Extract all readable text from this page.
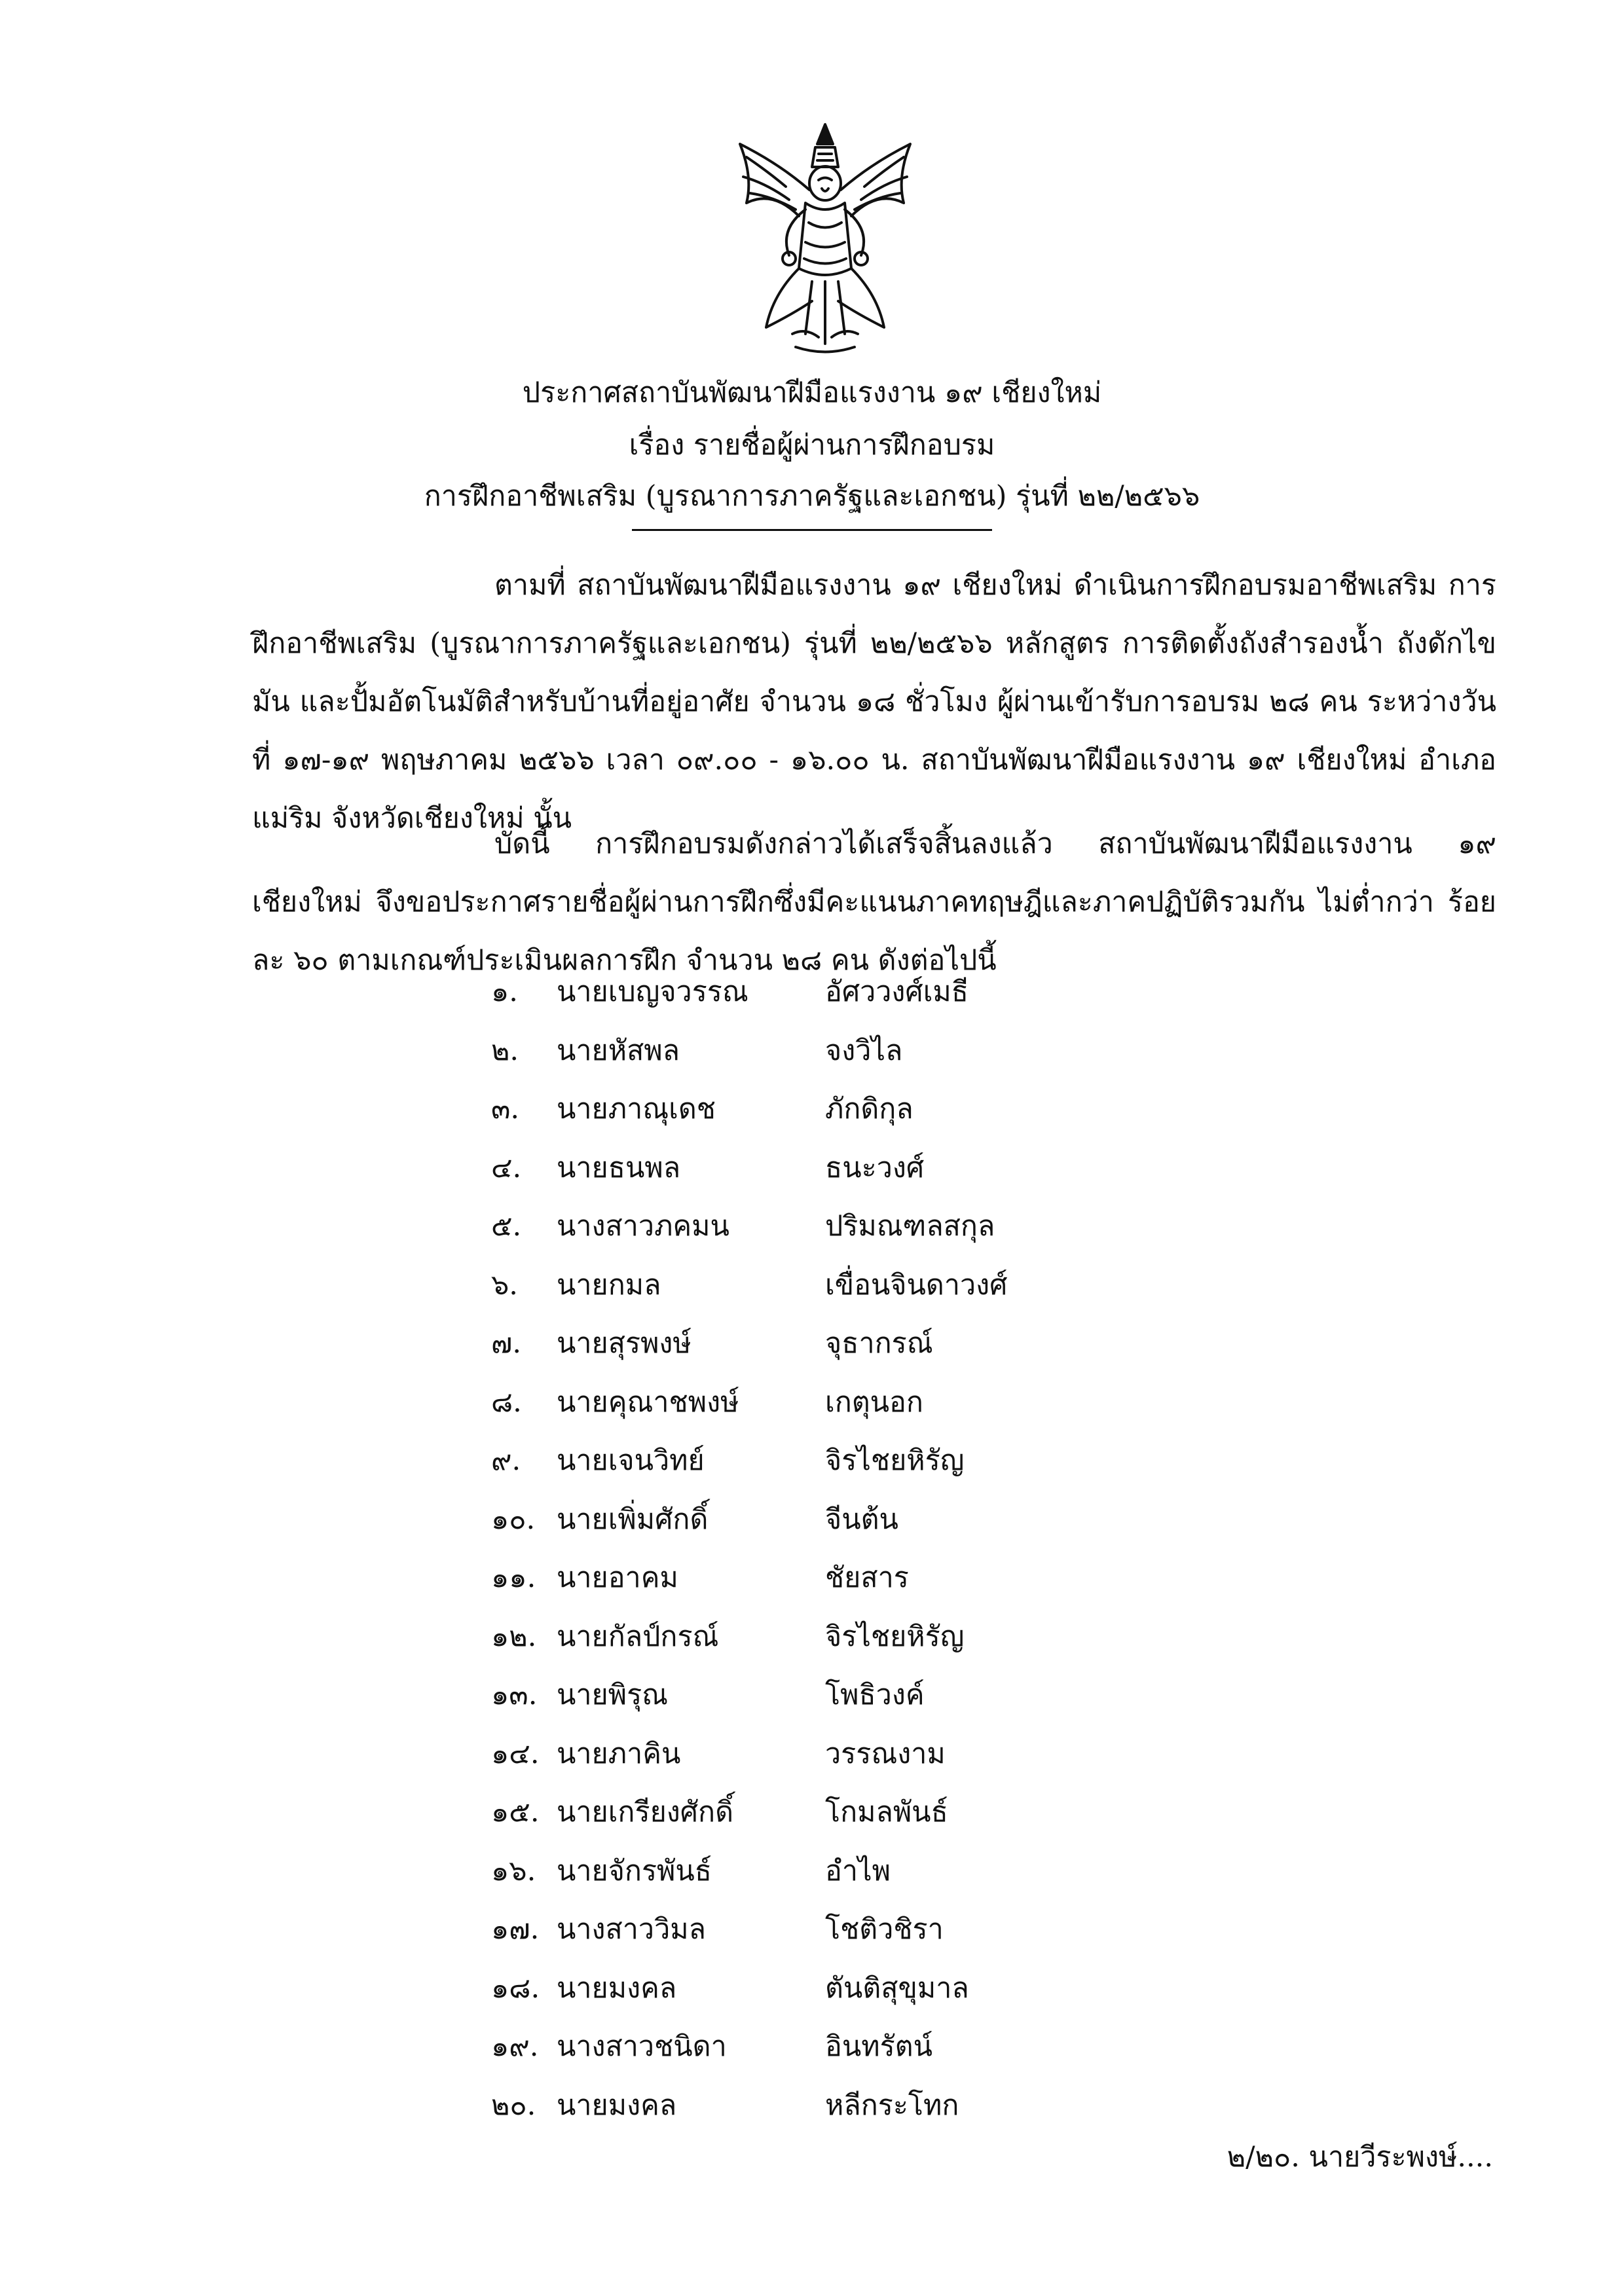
ประกาศสถาบันพัฒนาฝีมือแรงงาน ๑๙ เชียงใหม่
เรื่อง รายชื่อผู้ผ่านการฝึกอบรม
การฝึกอาชีพเสริม (บูรณาการภาครัฐและเอกชน) รุ่นที่ ๒๒/๒๕๖๖

ตามที่ สถาบันพัฒนาฝีมือแรงงาน ๑๙ เชียงใหม่ ดำเนินการฝึกอบรมอาชีพเสริม การฝึกอาชีพเสริม (บูรณาการภาครัฐและเอกชน) รุ่นที่ ๒๒/๒๕๖๖ หลักสูตร การติดตั้งถังสำรองน้ำ ถังดักไขมัน และปั้มอัตโนมัติสำหรับบ้านที่อยู่อาศัย จำนวน ๑๘ ชั่วโมง ผู้ผ่านเข้ารับการอบรม ๒๘ คน ระหว่างวันที่ ๑๗-๑๙ พฤษภาคม ๒๕๖๖ เวลา ๐๙.๐๐ - ๑๖.๐๐ น. สถาบันพัฒนาฝีมือแรงงาน ๑๙ เชียงใหม่ อำเภอแม่ริม จังหวัดเชียงใหม่ นั้น

บัดนี้ การฝึกอบรมดังกล่าวได้เสร็จสิ้นลงแล้ว สถาบันพัฒนาฝีมือแรงงาน ๑๙ เชียงใหม่ จึงขอประกาศรายชื่อผู้ผ่านการฝึกซึ่งมีคะแนนภาคทฤษฎีและภาคปฏิบัติรวมกัน ไม่ต่ำกว่า ร้อยละ ๖๐ ตามเกณฑ์ประเมินผลการฝึก จำนวน ๒๘ คน ดังต่อไปนี้

๑.	นายเบญจวรรณ	อัศววงศ์เมธี
๒.	นายหัสพล	จงวิไล
๓.	นายภาณุเดช	ภักดิกุล
๔.	นายธนพล	ธนะวงศ์
๕.	นางสาวภคมน	ปริมณฑลสกุล
๖.	นายกมล	เขื่อนจินดาวงศ์
๗.	นายสุรพงษ์	จุธากรณ์
๘.	นายคุณาชพงษ์	เกตุนอก
๙.	นายเจนวิทย์	จิรไชยหิรัญ
๑๐. นายเพิ่มศักดิ์	จีนต้น
๑๑. นายอาคม	ชัยสาร
๑๒. นายกัลป์กรณ์	จิรไชยหิรัญ
๑๓. นายพิรุณ	โพธิวงค์
๑๔. นายภาคิน	วรรณงาม
๑๕. นายเกรียงศักดิ์	โกมลพันธ์
๑๖. นายจักรพันธ์	อำไพ
๑๗. นางสาววิมล	โชติวชิรา
๑๘. นายมงคล	ตันติสุขุมาล
๑๙. นางสาวชนิดา	อินทรัตน์
๒๐. นายมงคล	หลีกระโทก
๒/๒๐. นายวีระพงษ์....
